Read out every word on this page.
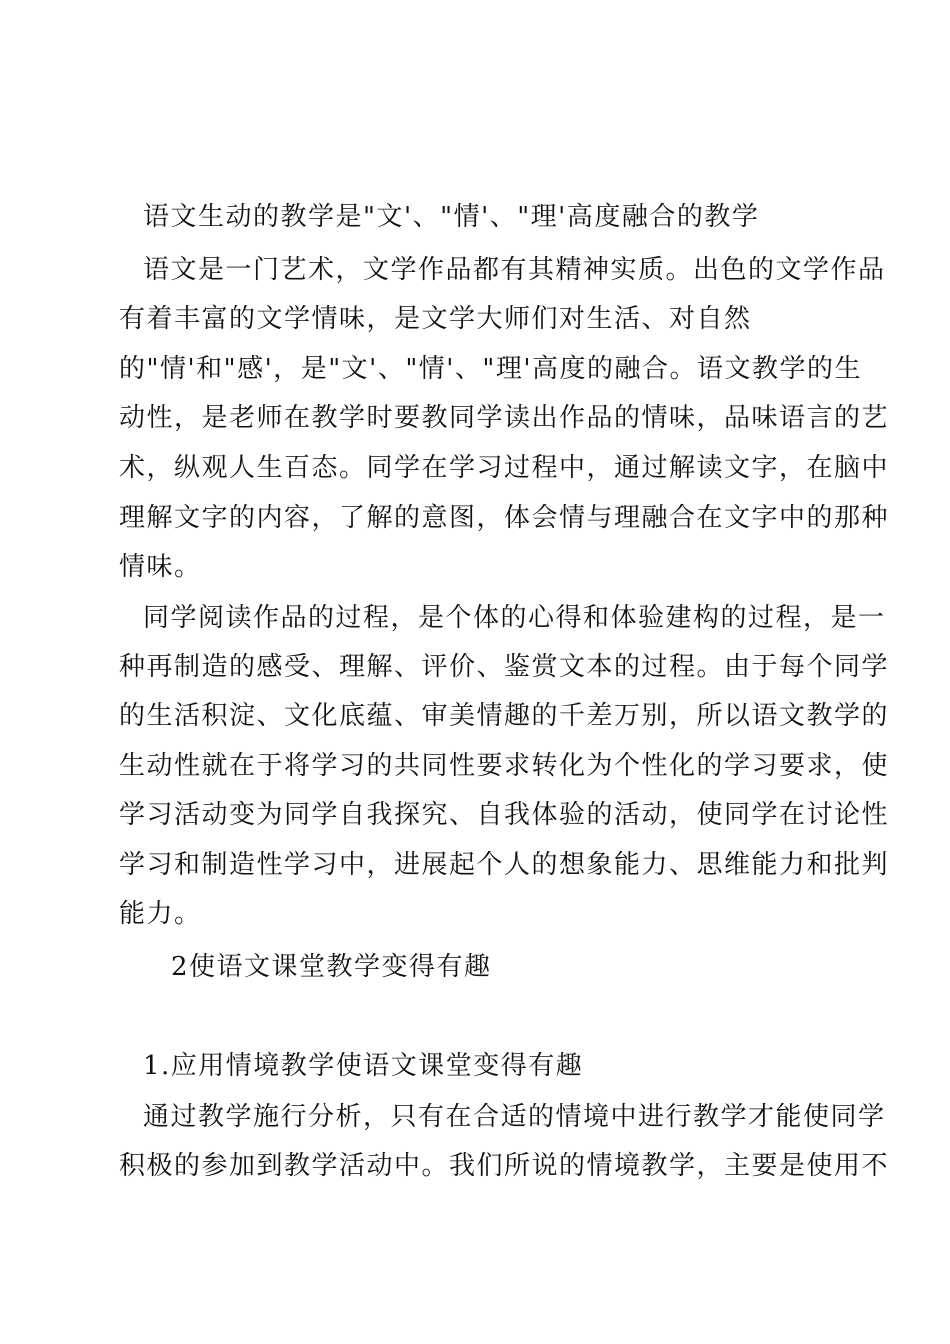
语文生动的教学是"文'、"情'、"理'高度融合的教学
语文是一门艺术，文学作品都有其精神实质。出色的文学作品
有着丰富的文学情味，是文学大师们对生活、对自然
的"情'和"感'，是"文'、"情'、"理'高度的融合。语文教学的生
动性，是老师在教学时要教同学读出作品的情味，品味语言的艺
术，纵观人生百态。同学在学习过程中，通过解读文字，在脑中
理解文字的内容，了解的意图，体会情与理融合在文字中的那种
情味。
同学阅读作品的过程，是个体的心得和体验建构的过程，是一
种再制造的感受、理解、评价、鉴赏文本的过程。由于每个同学
的生活积淀、文化底蕴、审美情趣的千差万别，所以语文教学的
生动性就在于将学习的共同性要求转化为个性化的学习要求，使
学习活动变为同学自我探究、自我体验的活动，使同学在讨论性
学习和制造性学习中，进展起个人的想象能力、思维能力和批判
能力。
2使语文课堂教学变得有趣
1.应用情境教学使语文课堂变得有趣
通过教学施行分析，只有在合适的情境中进行教学才能使同学
积极的参加到教学活动中。我们所说的情境教学，主要是使用不
